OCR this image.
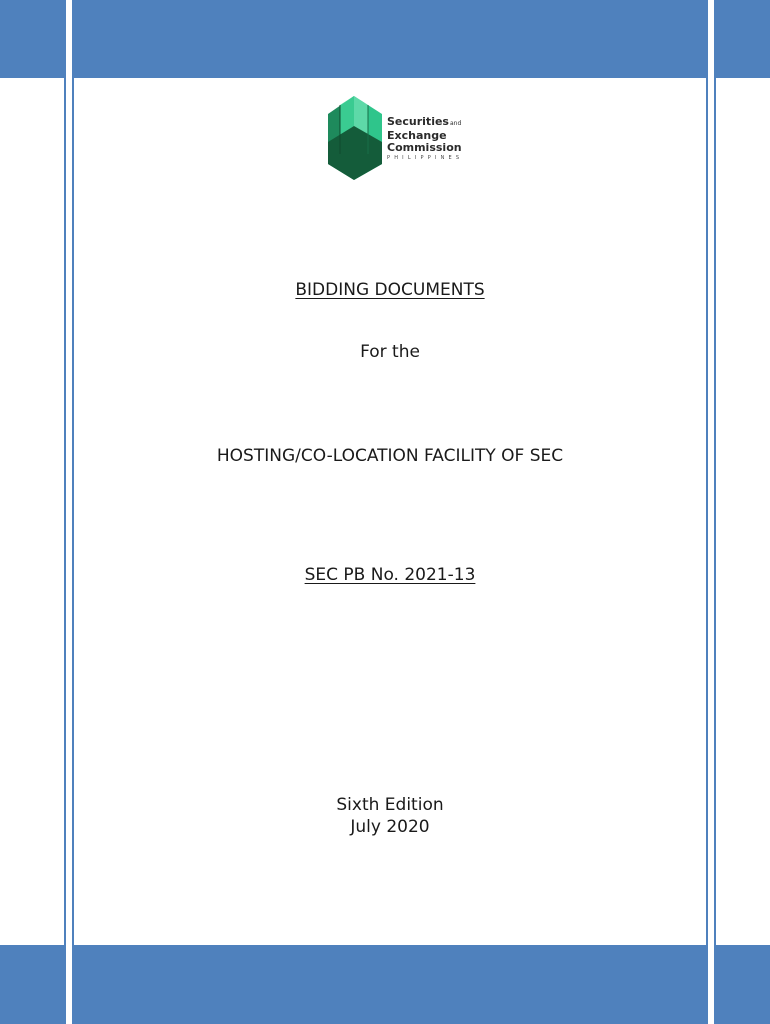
Securitiesand
Exchange
Commission
PHILIPPINES
BIDDING DOCUMENTS
For the
HOSTING/CO-LOCATION FACILITY OF SEC
SEC PB No. 2021-13
Sixth Edition
July 2020
